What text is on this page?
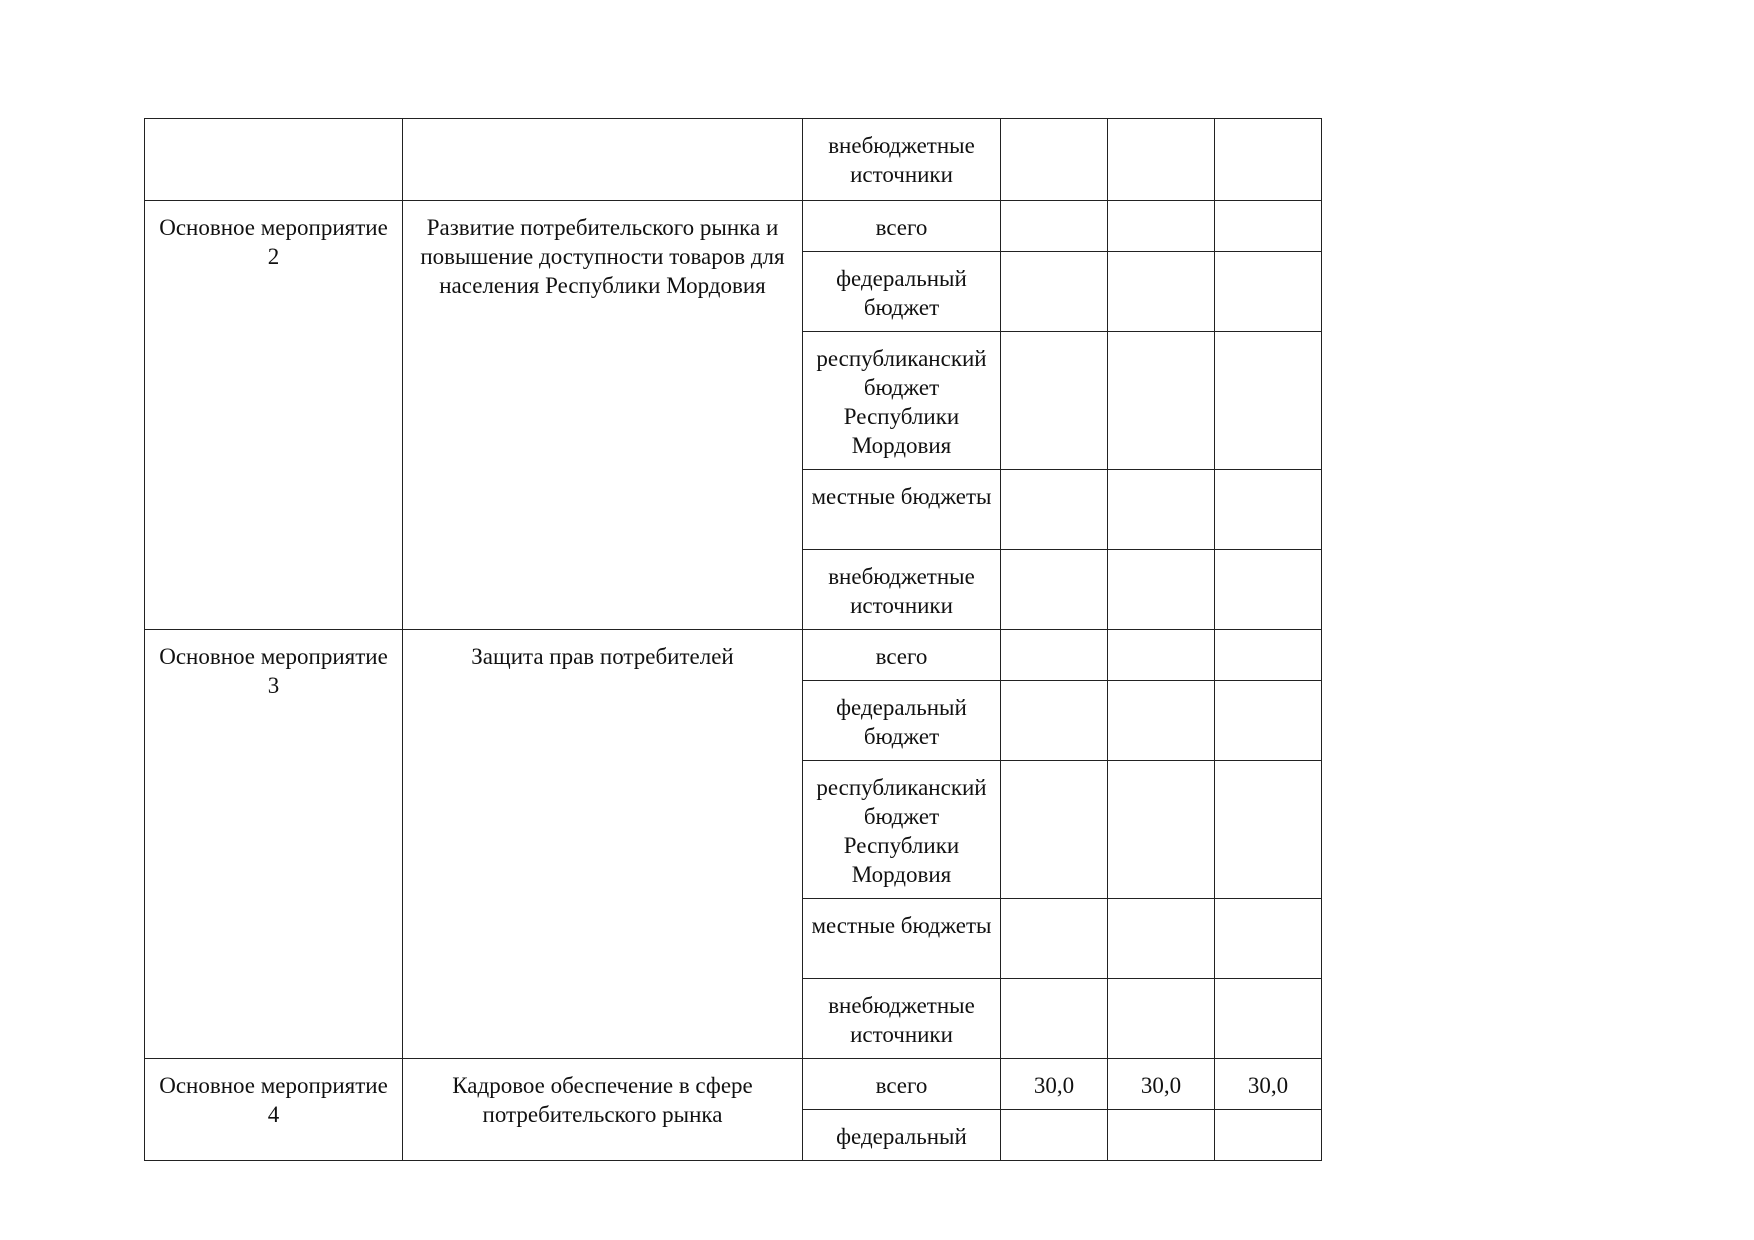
		внебюджетные источники			
Основное мероприятие 2	Развитие потребительского рынка и повышение доступности товаров для населения Республики Мордовия	всего			
		федеральный бюджет			
		республиканский бюджет Республики Мордовия			
		местные бюджеты			
		внебюджетные источники			
Основное мероприятие 3	Защита прав потребителей	всего			
		федеральный бюджет			
		республиканский бюджет Республики Мордовия			
		местные бюджеты			
		внебюджетные источники			
Основное мероприятие 4	Кадровое обеспечение в сфере потребительского рынка	всего	30,0	30,0	30,0
		федеральный			
